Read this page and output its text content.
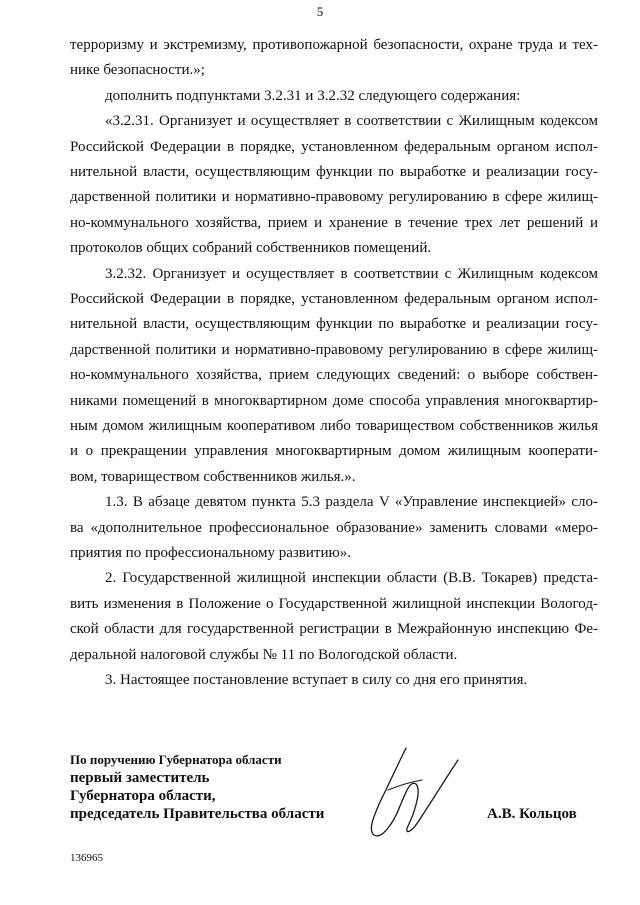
5
терроризму и экстремизму, противопожарной безопасности, охране труда и тех-
нике безопасности.»;
дополнить подпунктами 3.2.31 и 3.2.32 следующего содержания:
«3.2.31. Организует и осуществляет в соответствии с Жилищным кодексом
Российской Федерации в порядке, установленном федеральным органом испол-
нительной власти, осуществляющим функции по выработке и реализации госу-
дарственной политики и нормативно-правовому регулированию в сфере жилищ-
но-коммунального хозяйства, прием и хранение в течение трех лет решений и
протоколов общих собраний собственников помещений.
3.2.32. Организует и осуществляет в соответствии с Жилищным кодексом
Российской Федерации в порядке, установленном федеральным органом испол-
нительной власти, осуществляющим функции по выработке и реализации госу-
дарственной политики и нормативно-правовому регулированию в сфере жилищ-
но-коммунального хозяйства, прием следующих сведений: о выборе собствен-
никами помещений в многоквартирном доме способа управления многоквартир-
ным домом жилищным кооперативом либо товариществом собственников жилья
и о прекращении управления многоквартирным домом жилищным кооперати-
вом, товариществом собственников жилья.».
1.3. В абзаце девятом пункта 5.3 раздела V «Управление инспекцией» сло-
ва «дополнительное профессиональное образование» заменить словами «меро-
приятия по профессиональному развитию».
2. Государственной жилищной инспекции области (В.В. Токарев) предста-
вить изменения в Положение о Государственной жилищной инспекции Вологод-
ской области для государственной регистрации в Межрайонную инспекцию Фе-
деральной налоговой службы № 11 по Вологодской области.
3. Настоящее постановление вступает в силу со дня его принятия.
По поручению Губернатора области
первый заместитель
Губернатора области,
председатель Правительства области	А.В. Кольцов
136965
